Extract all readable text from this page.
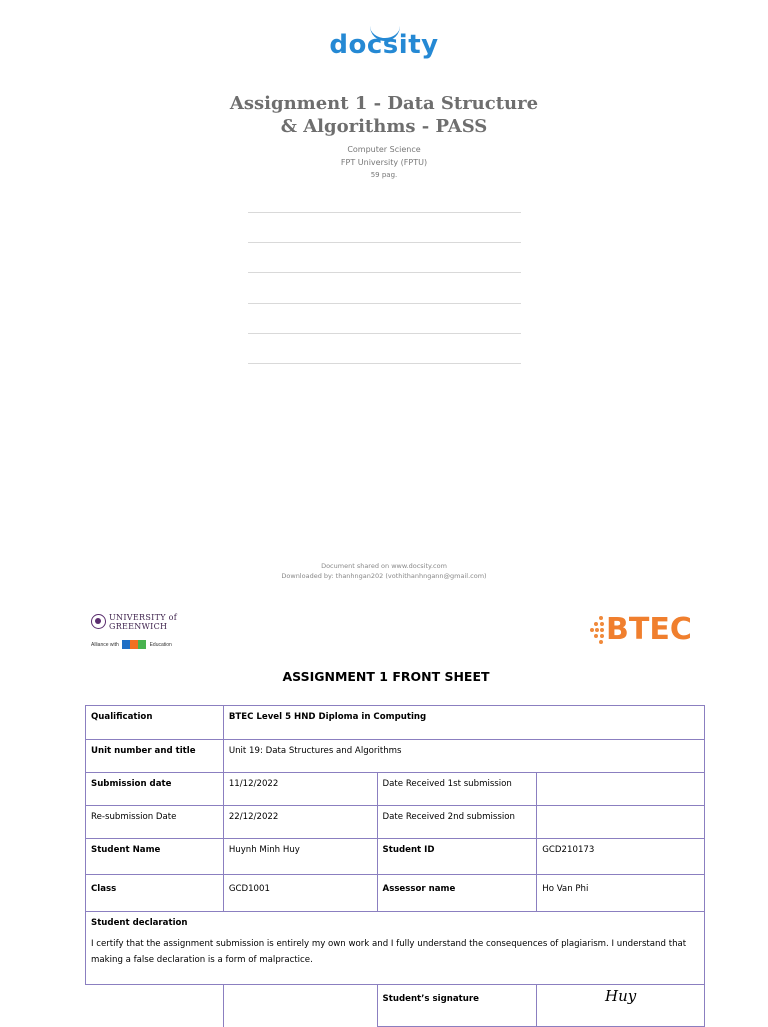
docsity
Assignment 1 - Data Structure
& Algorithms - PASS
Computer Science
FPT University (FPTU)
59 pag.
Document shared on www.docsity.com
Downloaded by: thanhngan202 (vothithanhngann@gmail.com)
UNIVERSITY of
GREENWICH
Alliance with	Education	BTEC
ASSIGNMENT 1 FRONT SHEET
Qualification	BTEC Level 5 HND Diploma in Computing		
Unit number and title	Unit 19: Data Structures and Algorithms		
Submission date	11/12/2022	Date Received 1st submission	
Re-submission Date	22/12/2022	Date Received 2nd submission	
Student Name	Huynh Minh Huy	Student ID	GCD210173
Class	GCD1001	Assessor name	Ho Van Phi

Student declaration
I certify that the assignment submission is entirely my own work and I fully understand the consequences of plagiarism. I understand that making a false declaration is a form of malpractice.			

		Student’s signature	Huy
